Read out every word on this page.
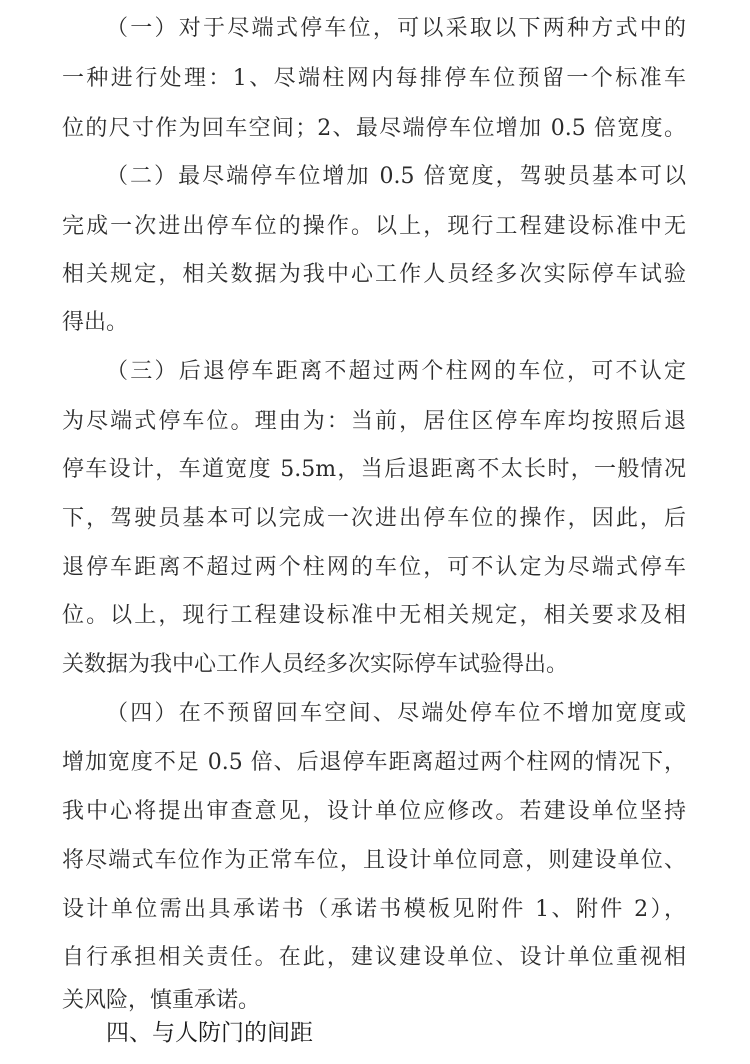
（一）对于尽端式停车位，可以采取以下两种方式中的
一种进行处理：1、尽端柱网内每排停车位预留一个标准车
位的尺寸作为回车空间；2、最尽端停车位增加 0.5 倍宽度。
（二）最尽端停车位增加 0.5 倍宽度，驾驶员基本可以
完成一次进出停车位的操作。以上，现行工程建设标准中无
相关规定，相关数据为我中心工作人员经多次实际停车试验
得出。
（三）后退停车距离不超过两个柱网的车位，可不认定
为尽端式停车位。理由为：当前，居住区停车库均按照后退
停车设计，车道宽度 5.5m，当后退距离不太长时，一般情况
下，驾驶员基本可以完成一次进出停车位的操作，因此，后
退停车距离不超过两个柱网的车位，可不认定为尽端式停车
位。以上，现行工程建设标准中无相关规定，相关要求及相
关数据为我中心工作人员经多次实际停车试验得出。
（四）在不预留回车空间、尽端处停车位不增加宽度或
增加宽度不足 0.5 倍、后退停车距离超过两个柱网的情况下，
我中心将提出审查意见，设计单位应修改。若建设单位坚持
将尽端式车位作为正常车位，且设计单位同意，则建设单位、
设计单位需出具承诺书（承诺书模板见附件 1、附件 2），
自行承担相关责任。在此，建议建设单位、设计单位重视相
关风险，慎重承诺。
四、与人防门的间距
